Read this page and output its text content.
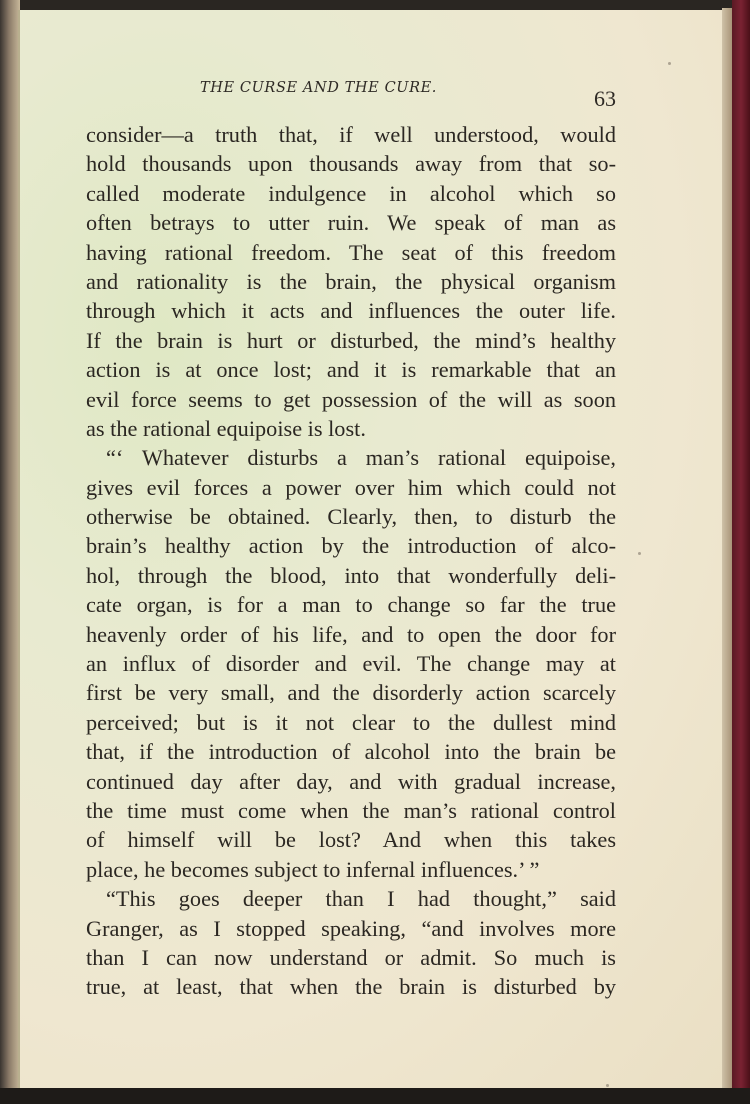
THE CURSE AND THE CURE.	63
consider—a truth that, if well understood, would
hold thousands upon thousands away from that so-
called moderate indulgence in alcohol which so
often betrays to utter ruin. We speak of man as
having rational freedom. The seat of this freedom
and rationality is the brain, the physical organism
through which it acts and influences the outer life.
If the brain is hurt or disturbed, the mind’s healthy
action is at once lost; and it is remarkable that an
evil force seems to get possession of the will as soon
as the rational equipoise is lost.
“‘ Whatever disturbs a man’s rational equipoise,
gives evil forces a power over him which could not
otherwise be obtained. Clearly, then, to disturb the
brain’s healthy action by the introduction of alco-
hol, through the blood, into that wonderfully deli-
cate organ, is for a man to change so far the true
heavenly order of his life, and to open the door for
an influx of disorder and evil. The change may at
first be very small, and the disorderly action scarcely
perceived; but is it not clear to the dullest mind
that, if the introduction of alcohol into the brain be
continued day after day, and with gradual increase,
the time must come when the man’s rational control
of himself will be lost? And when this takes
place, he becomes subject to infernal influences.’ ”
“This goes deeper than I had thought,” said
Granger, as I stopped speaking, “and involves more
than I can now understand or admit. So much is
true, at least, that when the brain is disturbed by
